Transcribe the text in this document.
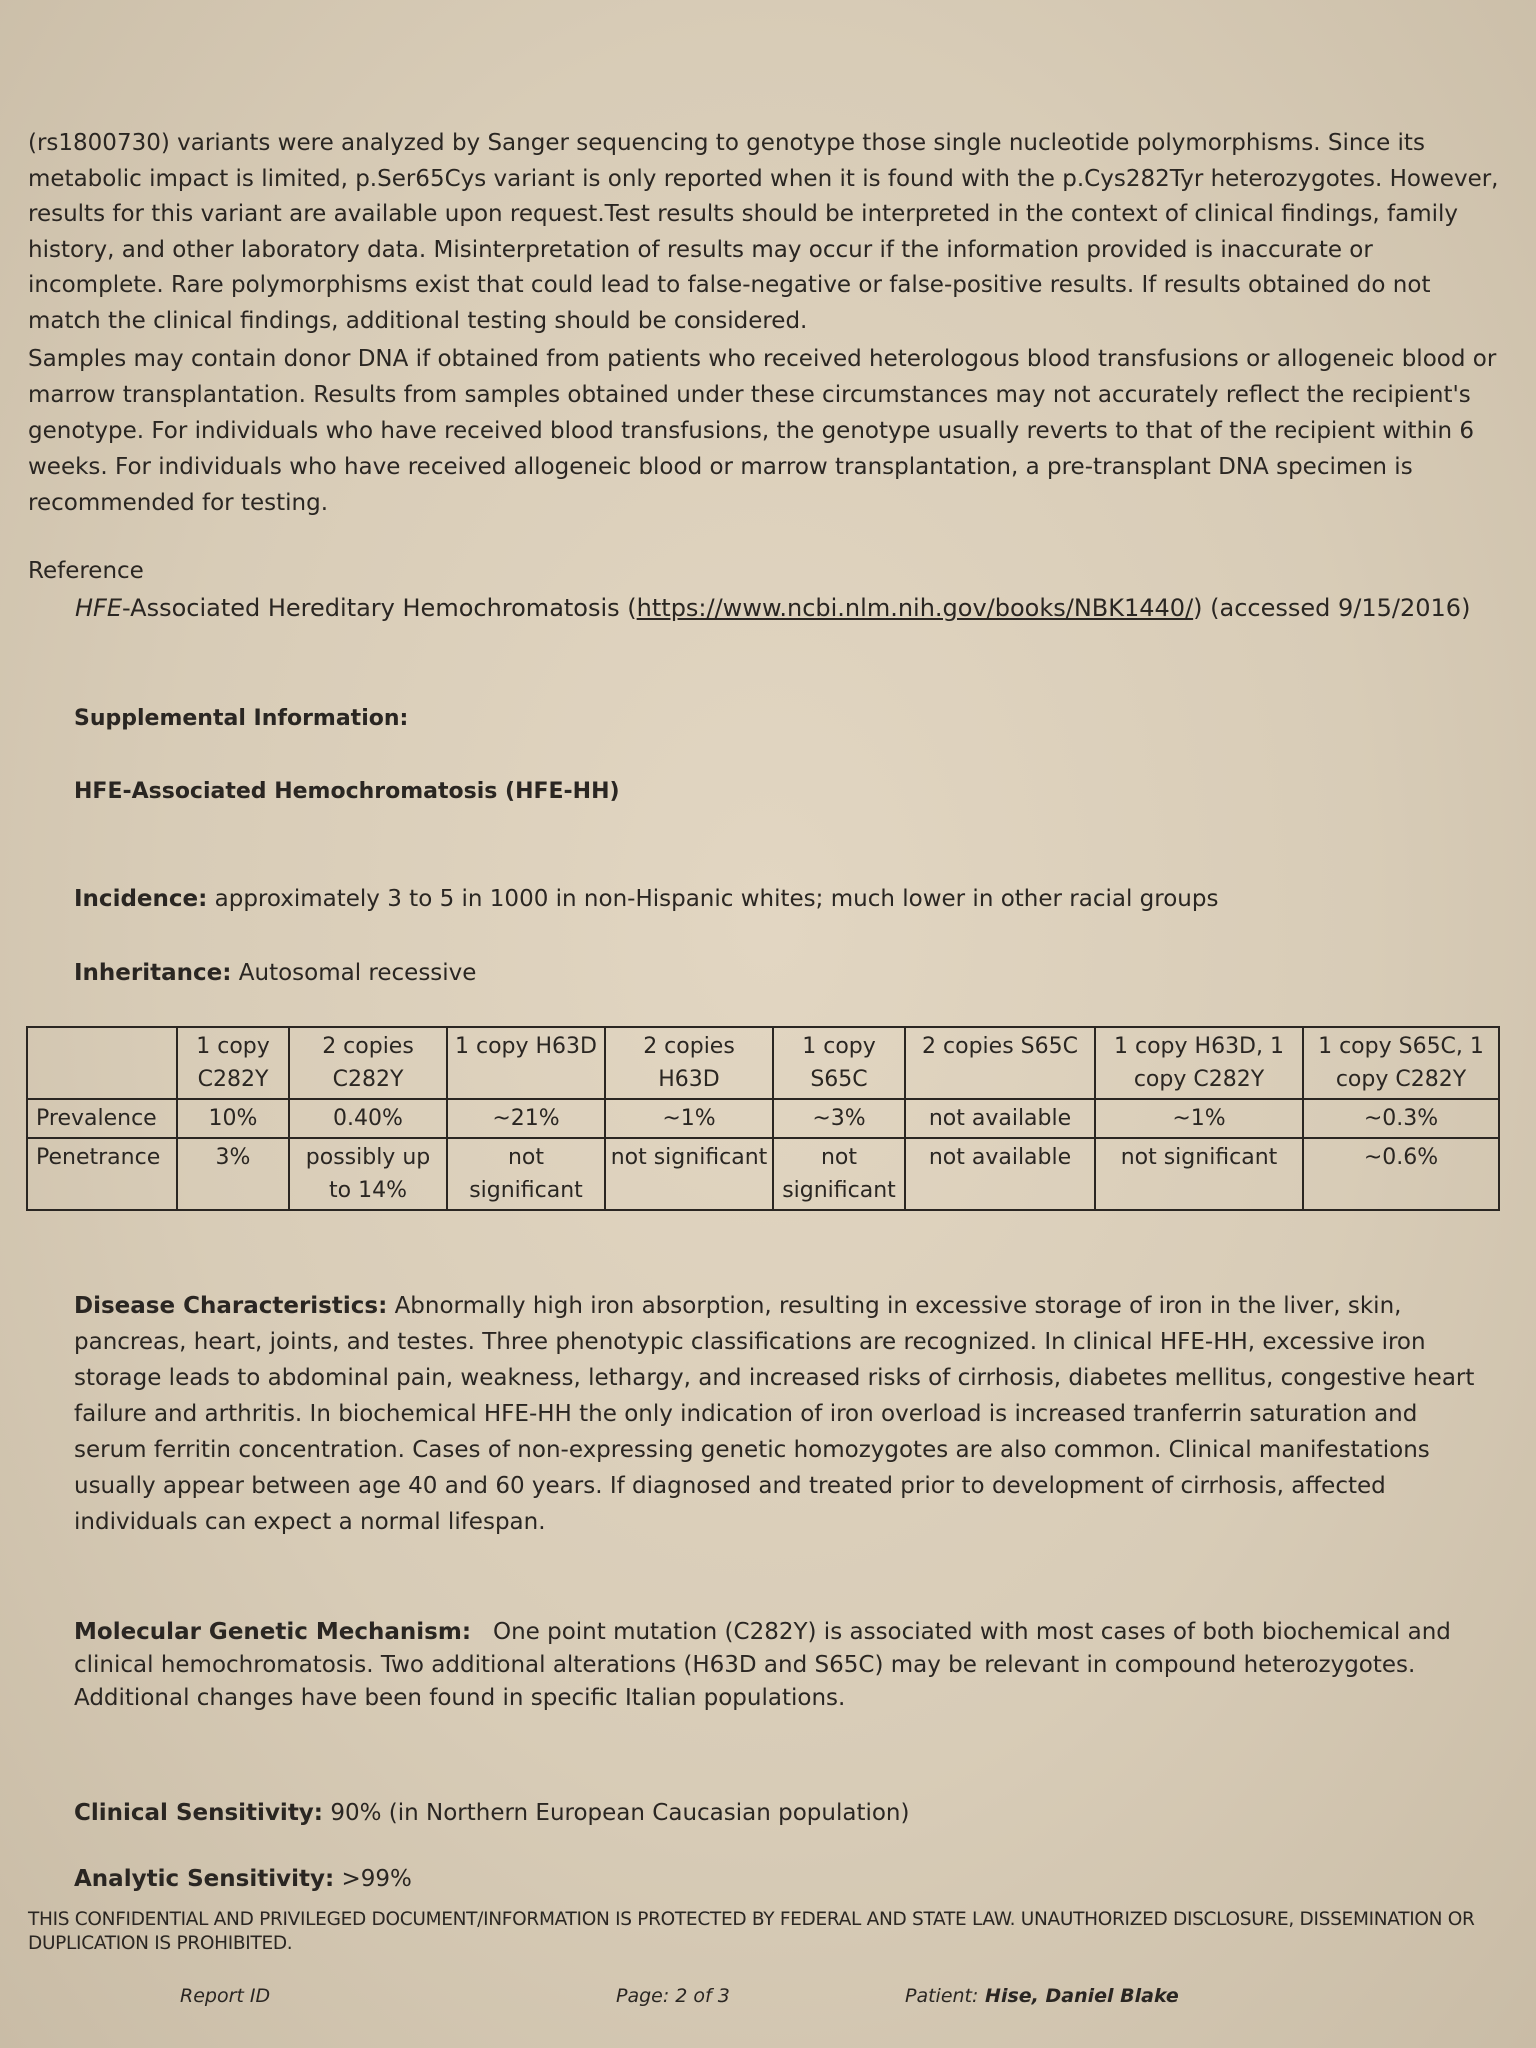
(rs1800730) variants were analyzed by Sanger sequencing to genotype those single nucleotide polymorphisms. Since its metabolic impact is limited, p.Ser65Cys variant is only reported when it is found with the p.Cys282Tyr heterozygotes. However, results for this variant are available upon request.Test results should be interpreted in the context of clinical findings, family history, and other laboratory data. Misinterpretation of results may occur if the information provided is inaccurate or incomplete. Rare polymorphisms exist that could lead to false-negative or false-positive results. If results obtained do not match the clinical findings, additional testing should be considered.

Samples may contain donor DNA if obtained from patients who received heterologous blood transfusions or allogeneic blood or marrow transplantation. Results from samples obtained under these circumstances may not accurately reflect the recipient's genotype. For individuals who have received blood transfusions, the genotype usually reverts to that of the recipient within 6 weeks. For individuals who have received allogeneic blood or marrow transplantation, a pre-transplant DNA specimen is recommended for testing.

Reference
HFE-Associated Hereditary Hemochromatosis (https://www.ncbi.nlm.nih.gov/books/NBK1440/) (accessed 9/15/2016)
Supplemental Information:
HFE-Associated Hemochromatosis (HFE-HH)
Incidence: approximately 3 to 5 in 1000 in non-Hispanic whites; much lower in other racial groups
Inheritance: Autosomal recessive
	1 copy C282Y	2 copies C282Y	1 copy H63D	2 copies H63D	1 copy S65C	2 copies S65C	1 copy H63D, 1 copy C282Y	1 copy S65C, 1 copy C282Y
Prevalence	10%	0.40%	~21%	~1%	~3%	not available	~1%	~0.3%
Penetrance	3%	possibly up to 14%	not significant	not significant	not significant	not available	not significant	~0.6%

Disease Characteristics: Abnormally high iron absorption, resulting in excessive storage of iron in the liver, skin, pancreas, heart, joints, and testes. Three phenotypic classifications are recognized. In clinical HFE-HH, excessive iron storage leads to abdominal pain, weakness, lethargy, and increased risks of cirrhosis, diabetes mellitus, congestive heart failure and arthritis. In biochemical HFE-HH the only indication of iron overload is increased tranferrin saturation and serum ferritin concentration. Cases of non-expressing genetic homozygotes are also common. Clinical manifestations usually appear between age 40 and 60 years. If diagnosed and treated prior to development of cirrhosis, affected individuals can expect a normal lifespan.

Molecular Genetic Mechanism:   One point mutation (C282Y) is associated with most cases of both biochemical and clinical hemochromatosis. Two additional alterations (H63D and S65C) may be relevant in compound heterozygotes. Additional changes have been found in specific Italian populations.

Clinical Sensitivity: 90% (in Northern European Caucasian population)
Analytic Sensitivity: >99%
THIS CONFIDENTIAL AND PRIVILEGED DOCUMENT/INFORMATION IS PROTECTED BY FEDERAL AND STATE LAW. UNAUTHORIZED DISCLOSURE, DISSEMINATION OR DUPLICATION IS PROHIBITED.
Report ID	Page: 2 of 3	Patient: Hise, Daniel Blake
